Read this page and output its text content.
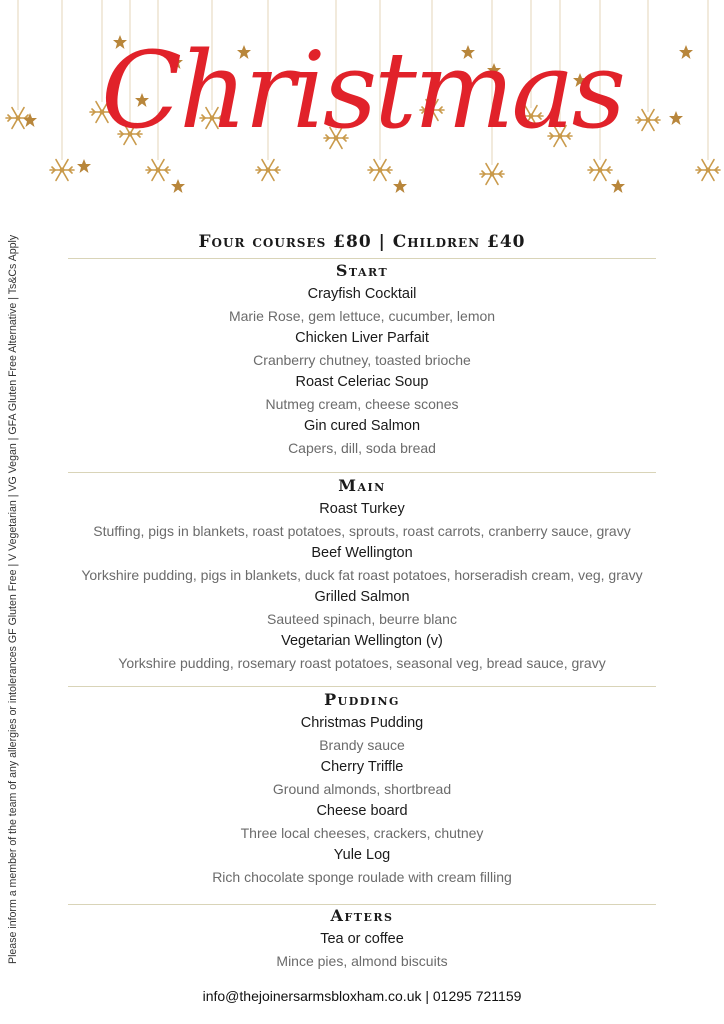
Please inform a member of the team of any allergies or intolerances GF Gluten Free | V Vegetarian | VG Vegan | GFA Gluten Free Alternative | Ts&Cs Apply
Christmas
Four courses £80 | Children £40
Start
Crayfish Cocktail
Marie Rose, gem lettuce, cucumber, lemon
Chicken Liver Parfait
Cranberry chutney, toasted brioche
Roast Celeriac Soup
Nutmeg cream, cheese scones
Gin cured Salmon
Capers, dill, soda bread
Main
Roast Turkey
Stuffing, pigs in blankets, roast potatoes, sprouts, roast carrots, cranberry sauce, gravy
Beef Wellington
Yorkshire pudding, pigs in blankets, duck fat roast potatoes, horseradish cream, veg, gravy
Grilled Salmon
Sauteed spinach, beurre blanc
Vegetarian Wellington (v)
Yorkshire pudding, rosemary roast potatoes, seasonal veg, bread sauce, gravy
Pudding
Christmas Pudding
Brandy sauce
Cherry Triffle
Ground almonds, shortbread
Cheese board
Three local cheeses, crackers, chutney
Yule Log
Rich chocolate sponge roulade with cream filling
Afters
Tea or coffee
Mince pies, almond biscuits
info@thejoinersarmsbloxham.co.uk | 01295 721159
